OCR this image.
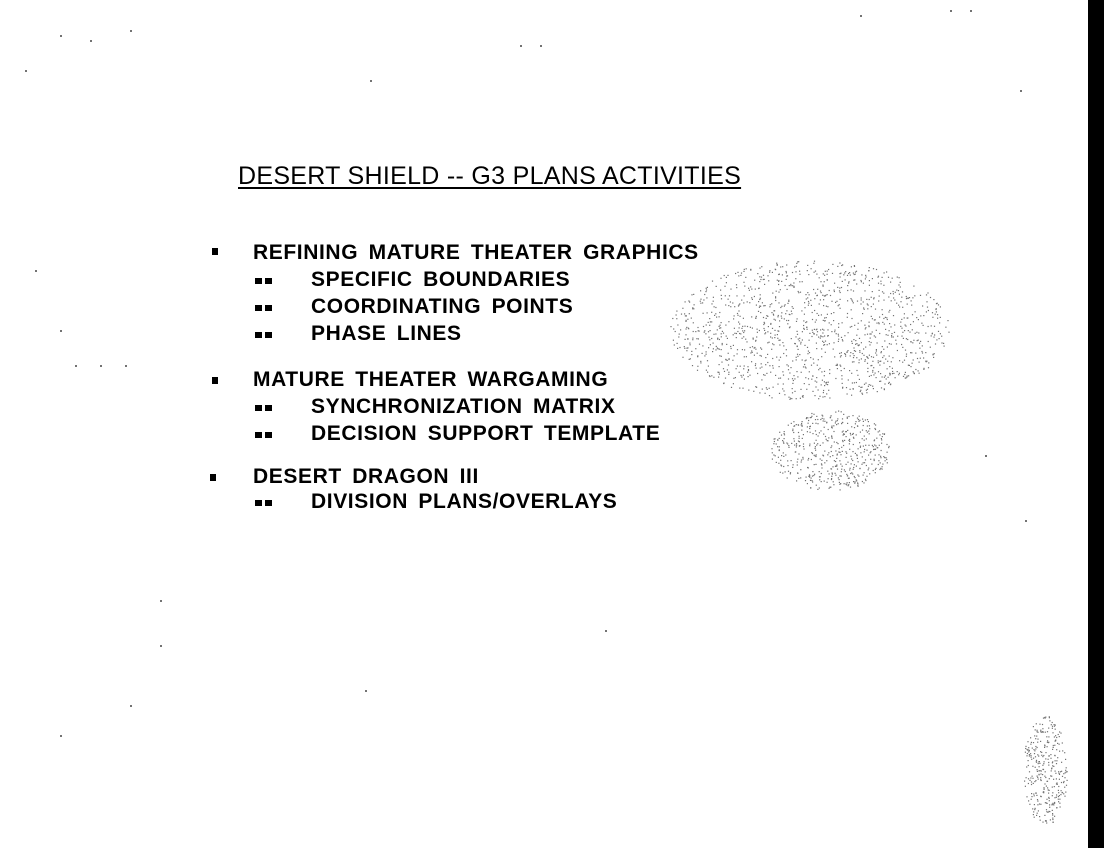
DESERT SHIELD -- G3 PLANS ACTIVITIES
REFINING MATURE THEATER GRAPHICS
SPECIFIC BOUNDARIES
COORDINATING POINTS
PHASE LINES
MATURE THEATER WARGAMING
SYNCHRONIZATION MATRIX
DECISION SUPPORT TEMPLATE
DESERT DRAGON III
DIVISION PLANS/OVERLAYS
